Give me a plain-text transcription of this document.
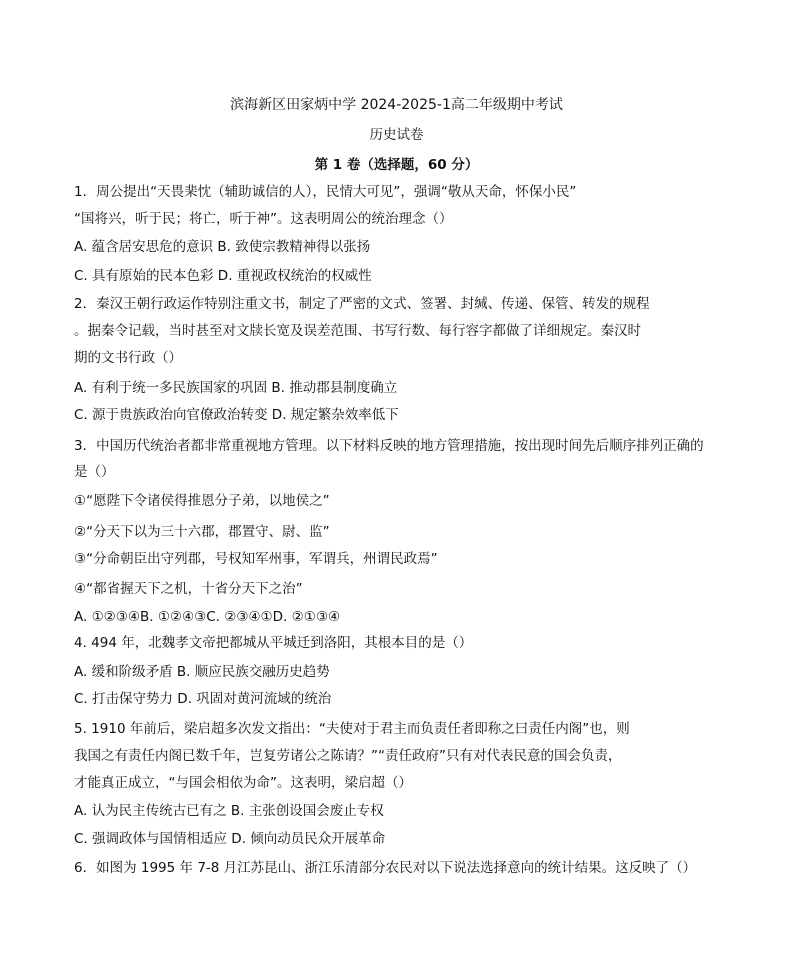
滨海新区田家炳中学 2024-2025-1高二年级期中考试
历史试卷
第 1 卷（选择题，60 分）
1．周公提出“天畏棐忱（辅助诚信的人），民情大可见”，强调“敬从天命，怀保小民”
“国将兴，听于民；将亡，听于神”。这表明周公的统治理念（）
A. 蕴含居安思危的意识 B. 致使宗教精神得以张扬
C. 具有原始的民本色彩 D. 重视政权统治的权威性
2．秦汉王朝行政运作特别注重文书，制定了严密的文式、签署、封缄、传递、保管、转发的规程
。据秦令记载，当时甚至对文牍长宽及误差范围、书写行数、每行容字都做了详细规定。秦汉时
期的文书行政（）
A. 有利于统一多民族国家的巩固 B. 推动郡县制度确立
C. 源于贵族政治向官僚政治转变 D. 规定繁杂效率低下
3．中国历代统治者都非常重视地方管理。以下材料反映的地方管理措施，按出现时间先后顺序排列正确的
是（）
①“愿陛下令诸侯得推恩分子弟，以地侯之”
②“分天下以为三十六郡，郡置守、尉、监”
③“分命朝臣出守列郡，号权知军州事，军谓兵，州谓民政焉”
④“都省握天下之机，十省分天下之治”
A. ①②③④B. ①②④③C. ②③④①D. ②①③④
4. 494 年，北魏孝文帝把都城从平城迁到洛阳，其根本目的是（）
A. 缓和阶级矛盾 B. 顺应民族交融历史趋势
C. 打击保守势力 D. 巩固对黄河流域的统治
5. 1910 年前后，梁启超多次发文指出：“夫使对于君主而负责任者即称之曰责任内阁”也，则
我国之有责任内阁已数千年，岂复劳诸公之陈请？”“责任政府”只有对代表民意的国会负责，
才能真正成立，“与国会相依为命”。这表明，梁启超（）
A. 认为民主传统古已有之 B. 主张创设国会废止专权
C. 强调政体与国情相适应 D. 倾向动员民众开展革命
6．如图为 1995 年 7-8 月江苏昆山、浙江乐清部分农民对以下说法选择意向的统计结果。这反映了（）
